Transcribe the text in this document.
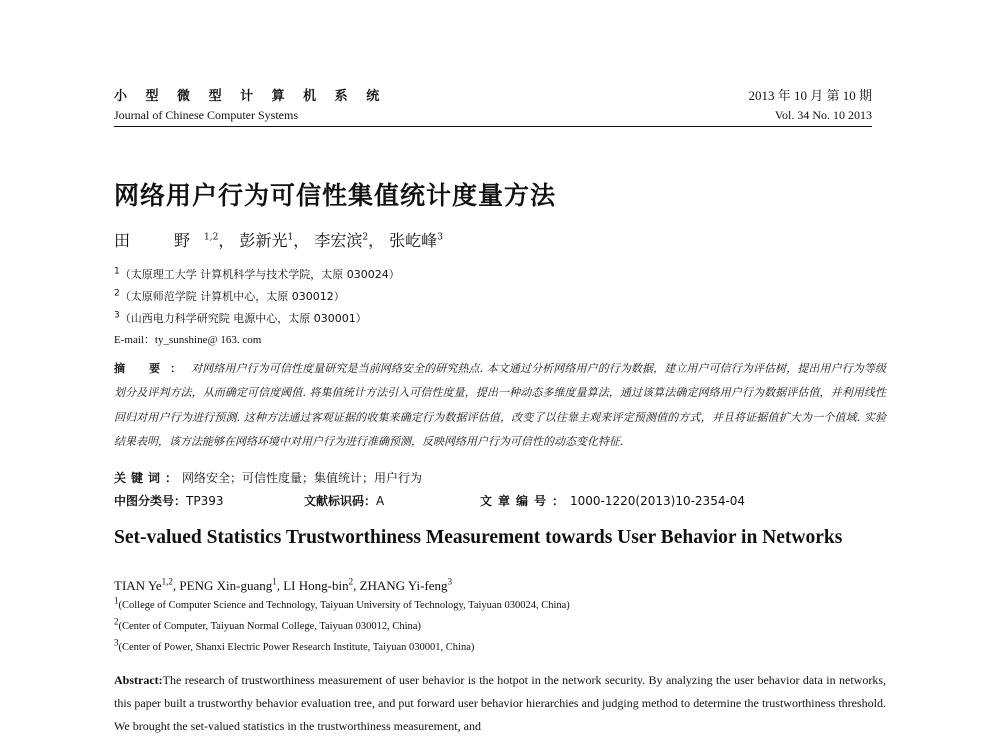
小 型 微 型 计 算 机 系 统	2013 年 10 月 第 10 期
Journal of Chinese Computer Systems	Vol. 34 No. 10 2013
网络用户行为可信性集值统计度量方法
田　野$^{1,2}$， 彭新光$^1$， 李宏滨$^2$， 张屹峰$^3$
$^1$（太原理工大学 计算机科学与技术学院，太原 030024）
$^2$（太原师范学院 计算机中心，太原 030012）
$^3$（山西电力科学研究院 电源中心，太原 030001）
E-mail：ty_sunshine@ 163. com
摘 要：对网络用户行为可信性度量研究是当前网络安全的研究热点. 本文通过分析网络用户的行为数据，建立用户可信行为评估树，提出用户行为等级划分及评判方法，从而确定可信度阈值. 将集值统计方法引入可信性度量，提出一种动态多维度量算法，通过该算法确定网络用户行为数据评估值，并利用线性回归对用户行为进行预测. 这种方法通过客观证据的收集来确定行为数据评估值，改变了以往靠主观来评定预测值的方式，并且将证据值扩大为一个值域. 实验结果表明，该方法能够在网络环境中对用户行为进行准确预测，反映网络用户行为可信性的动态变化特征.
关键词：网络安全；可信性度量；集值统计；用户行为
中图分类号：TP393	文献标识码：A	文章编号：1000-1220(2013)10-2354-04
Set-valued Statistics Trustworthiness Measurement towards User Behavior in Networks
TIAN Ye$^{1,2}$, PENG Xin-guang$^1$, LI Hong-bin$^2$, ZHANG Yi-feng$^3$
$^1$(College of Computer Science and Technology, Taiyuan University of Technology, Taiyuan 030024, China)
$^2$(Center of Computer, Taiyuan Normal College, Taiyuan 030012, China)
$^3$(Center of Power, Shanxi Electric Power Research Institute, Taiyuan 030001, China)
Abstract:The research of trustworthiness measurement of user behavior is the hotpot in the network security. By analyzing the user behavior data in networks, this paper built a trustworthy behavior evaluation tree, and put forward user behavior hierarchies and judging method to determine the trustworthiness threshold. We brought the set-valued statistics in the trustworthiness measurement, and
